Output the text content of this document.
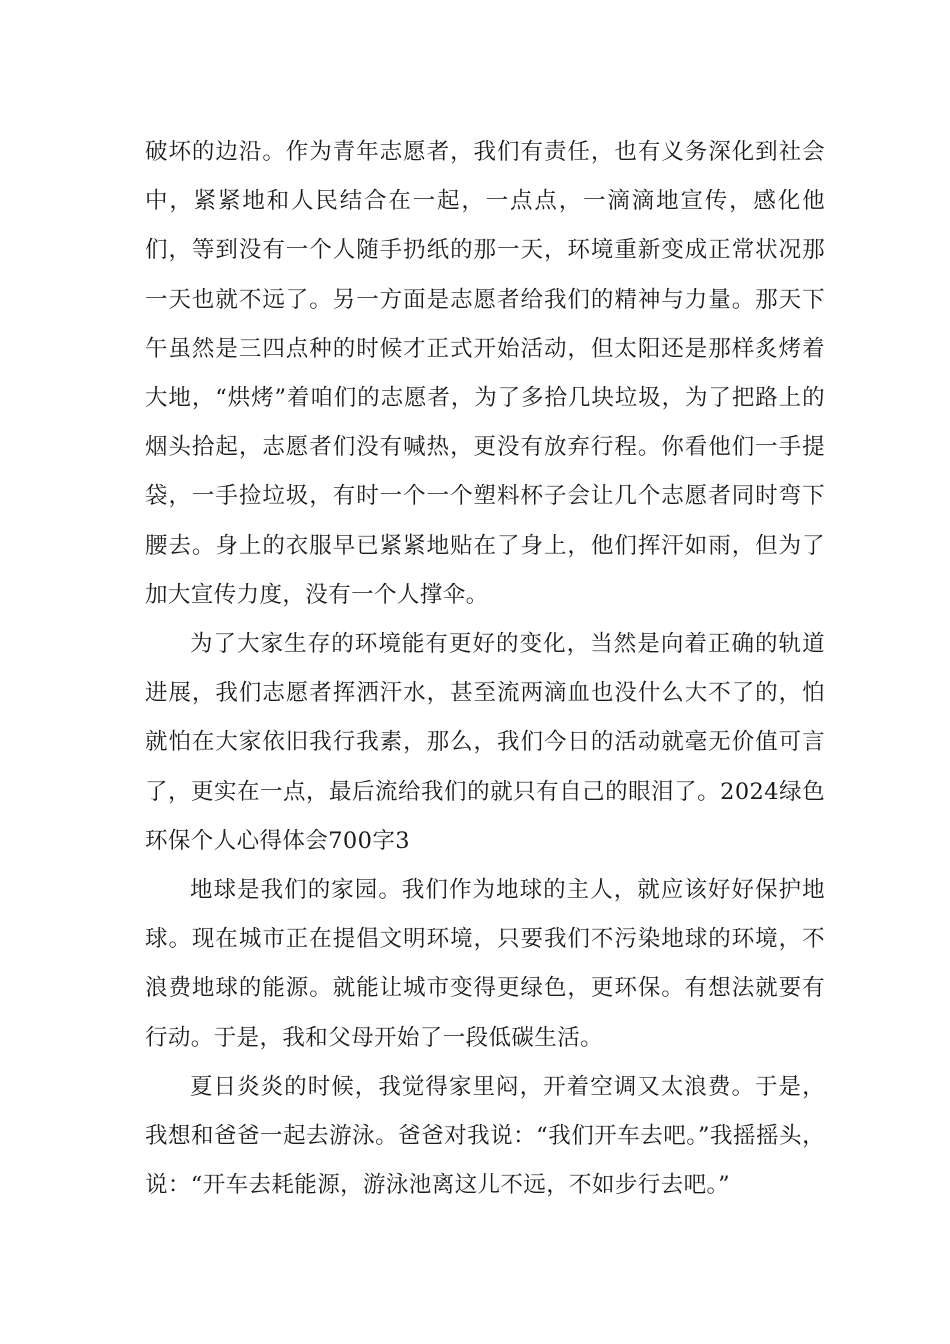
破坏的边沿。作为青年志愿者，我们有责任，也有义务深化到社会中，紧紧地和人民结合在一起，一点点，一滴滴地宣传，感化他们，等到没有一个人随手扔纸的那一天，环境重新变成正常状况那一天也就不远了。另一方面是志愿者给我们的精神与力量。那天下午虽然是三四点种的时候才正式开始活动，但太阳还是那样炙烤着大地，“烘烤”着咱们的志愿者，为了多拾几块垃圾，为了把路上的烟头拾起，志愿者们没有喊热，更没有放弃行程。你看他们一手提袋，一手捡垃圾，有时一个一个塑料杯子会让几个志愿者同时弯下腰去。身上的衣服早已紧紧地贴在了身上，他们挥汗如雨，但为了加大宣传力度，没有一个人撑伞。

为了大家生存的环境能有更好的变化，当然是向着正确的轨道进展，我们志愿者挥洒汗水，甚至流两滴血也没什么大不了的，怕就怕在大家依旧我行我素，那么，我们今日的活动就毫无价值可言了，更实在一点，最后流给我们的就只有自己的眼泪了。2024绿色环保个人心得体会700字3

地球是我们的家园。我们作为地球的主人，就应该好好保护地球。现在城市正在提倡文明环境，只要我们不污染地球的环境，不浪费地球的能源。就能让城市变得更绿色，更环保。有想法就要有行动。于是，我和父母开始了一段低碳生活。

夏日炎炎的时候，我觉得家里闷，开着空调又太浪费。于是，我想和爸爸一起去游泳。爸爸对我说：“我们开车去吧。”我摇摇头，说：“开车去耗能源，游泳池离这儿不远，不如步行去吧。”
